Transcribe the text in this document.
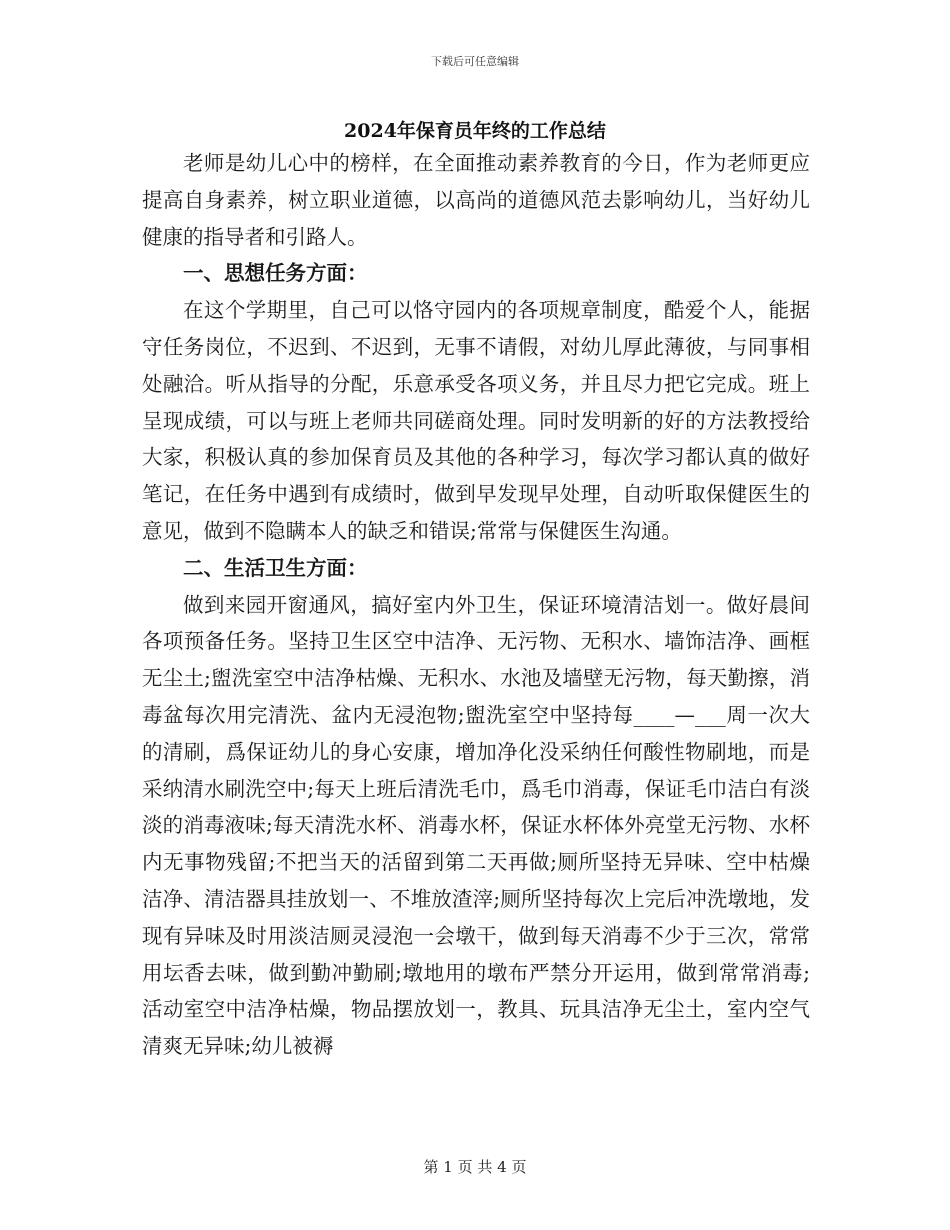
下载后可任意编辑
2024年保育员年终的工作总结

老师是幼儿心中的榜样，在全面推动素养教育的今日，作为老师更应提高自身素养，树立职业道德，以高尚的道德风范去影响幼儿，当好幼儿健康的指导者和引路人。

一、思想任务方面：

在这个学期里，自己可以恪守园内的各项规章制度，酷爱个人，能据守任务岗位，不迟到、不迟到，无事不请假，对幼儿厚此薄彼，与同事相处融洽。听从指导的分配，乐意承受各项义务，并且尽力把它完成。班上呈现成绩，可以与班上老师共同磋商处理。同时发明新的好的方法教授给大家，积极认真的参加保育员及其他的各种学习，每次学习都认真的做好笔记，在任务中遇到有成绩时，做到早发现早处理，自动听取保健医生的意见，做到不隐瞒本人的缺乏和错误;常常与保健医生沟通。

二、生活卫生方面：

做到来园开窗通风，搞好室内外卫生，保证环境清洁划一。做好晨间各项预备任务。坚持卫生区空中洁净、无污物、无积水、墙饰洁净、画框无尘土;盥洗室空中洁净枯燥、无积水、水池及墙壁无污物，每天勤擦，消毒盆每次用完清洗、盆内无浸泡物;盥洗室空中坚持每____—___周一次大的清刷，爲保证幼儿的身心安康，增加净化没采纳任何酸性物刷地，而是采纳清水刷洗空中;每天上班后清洗毛巾，爲毛巾消毒，保证毛巾洁白有淡淡的消毒液味;每天清洗水杯、消毒水杯，保证水杯体外亮堂无污物、水杯内无事物残留;不把当天的活留到第二天再做;厕所坚持无异味、空中枯燥洁净、清洁器具挂放划一、不堆放渣滓;厕所坚持每次上完后冲洗墩地，发现有异味及时用淡洁厕灵浸泡一会墩干，做到每天消毒不少于三次，常常用坛香去味，做到勤冲勤刷;墩地用的墩布严禁分开运用，做到常常消毒;活动室空中洁净枯燥，物品摆放划一，教具、玩具洁净无尘土，室内空气清爽无异味;幼儿被褥

第 1 页 共 4 页
